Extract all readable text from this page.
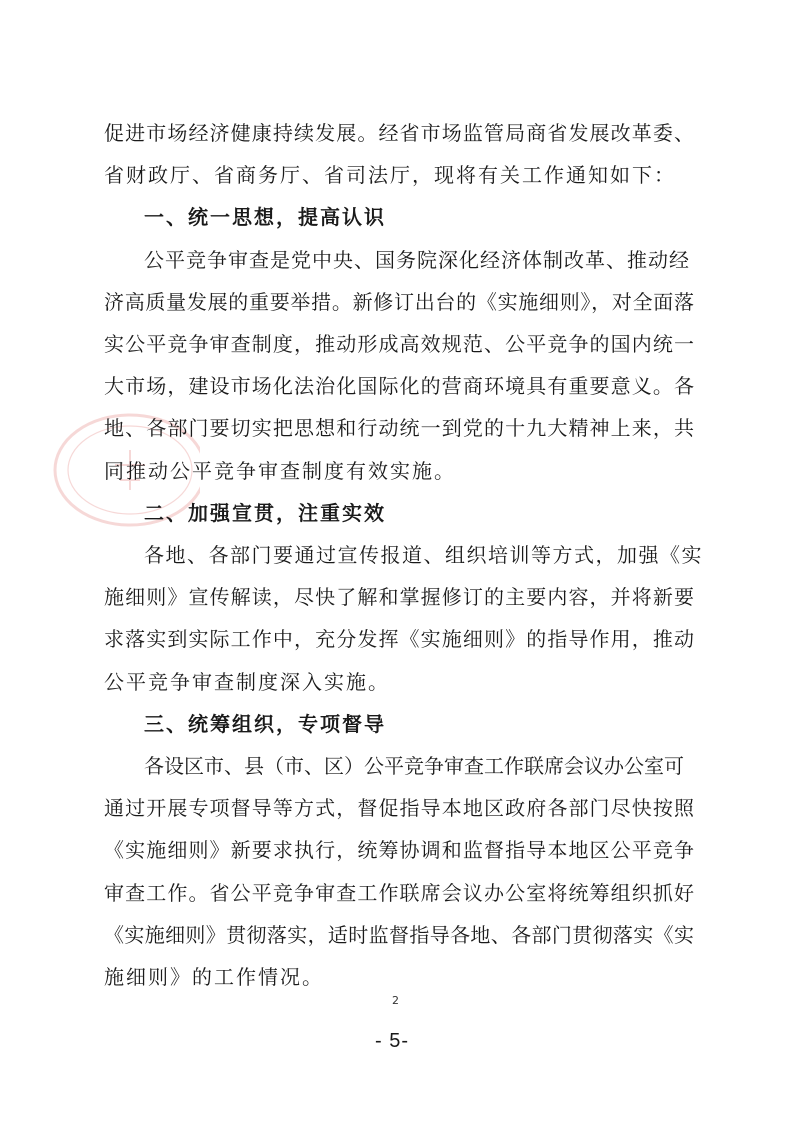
促进市场经济健康持续发展。经省市场监管局商省发展改革委、
省财政厅、省商务厅、省司法厅，现将有关工作通知如下：
一、统一思想，提高认识
公平竞争审查是党中央、国务院深化经济体制改革、推动经
济高质量发展的重要举措。新修订出台的《实施细则》，对全面落
实公平竞争审查制度，推动形成高效规范、公平竞争的国内统一
大市场，建设市场化法治化国际化的营商环境具有重要意义。各
地、各部门要切实把思想和行动统一到党的十九大精神上来，共
同推动公平竞争审查制度有效实施。
二、加强宣贯，注重实效
各地、各部门要通过宣传报道、组织培训等方式，加强《实
施细则》宣传解读，尽快了解和掌握修订的主要内容，并将新要
求落实到实际工作中，充分发挥《实施细则》的指导作用，推动
公平竞争审查制度深入实施。
三、统筹组织，专项督导
各设区市、县（市、区）公平竞争审查工作联席会议办公室可
通过开展专项督导等方式，督促指导本地区政府各部门尽快按照
《实施细则》新要求执行，统筹协调和监督指导本地区公平竞争
审查工作。省公平竞争审查工作联席会议办公室将统筹组织抓好
《实施细则》贯彻落实，适时监督指导各地、各部门贯彻落实《实
施细则》的工作情况。
2
- 5-
